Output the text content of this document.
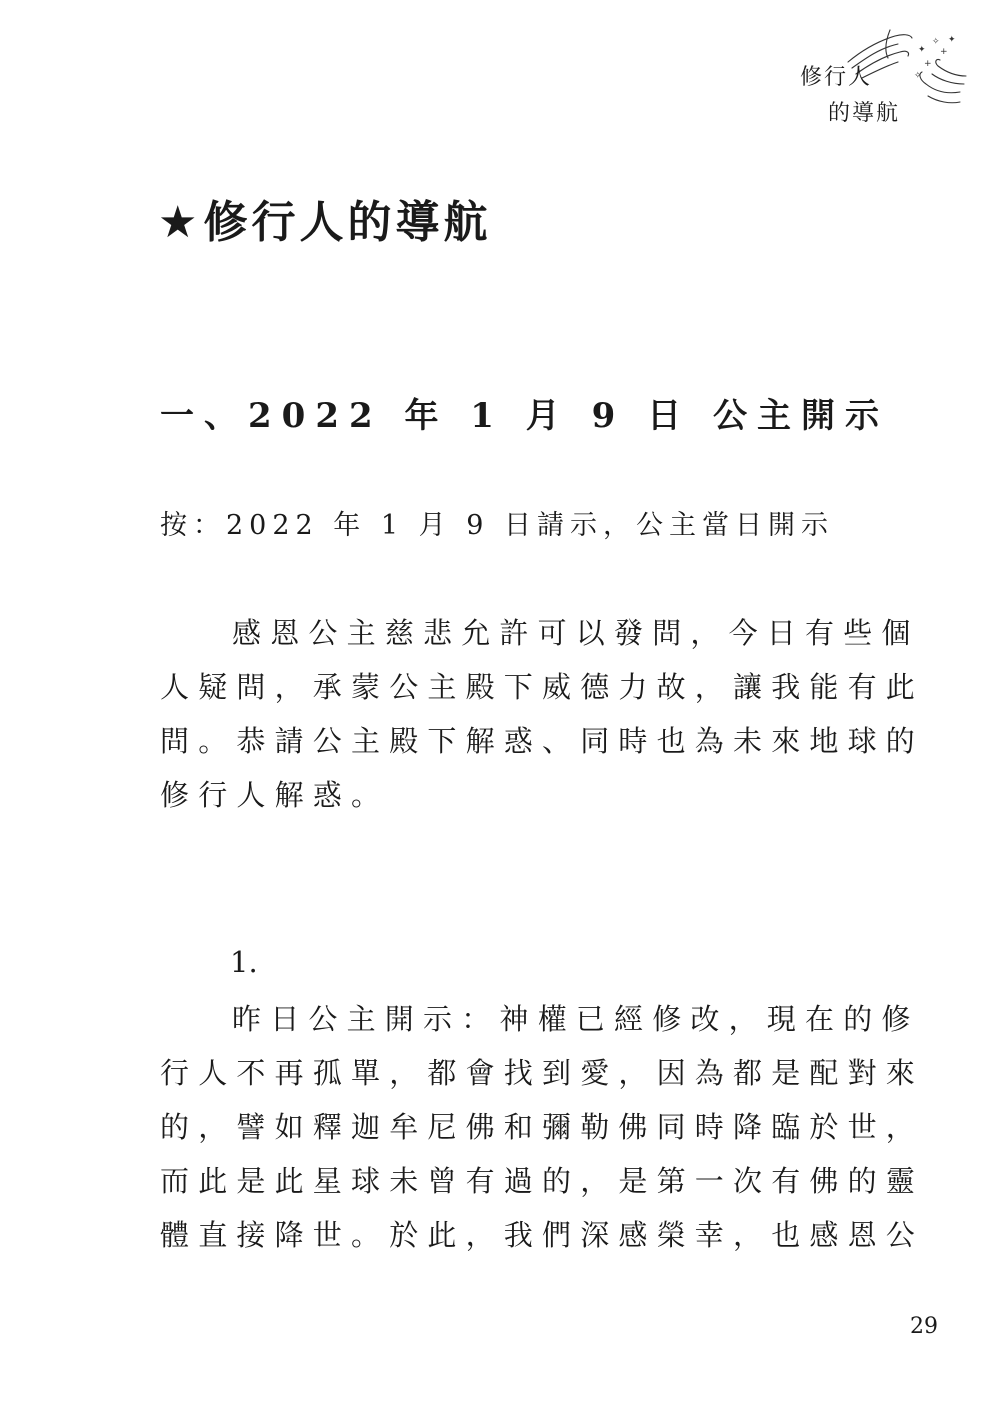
✦
✧
+
+
✦
✧
修行人
的導航
★修行人的導航
一、2022 年 1 月 9 日 公主開示
按：2022 年 1 月 9 日請示，公主當日開示
感恩公主慈悲允許可以發問，今日有些個
人疑問，承蒙公主殿下威德力故，讓我能有此
問。恭請公主殿下解惑、同時也為未來地球的
修行人解惑。
1.
昨日公主開示：神權已經修改，現在的修
行人不再孤單，都會找到愛，因為都是配對來
的，譬如釋迦牟尼佛和彌勒佛同時降臨於世，
而此是此星球未曾有過的，是第一次有佛的靈
體直接降世。於此，我們深感榮幸，也感恩公
29
